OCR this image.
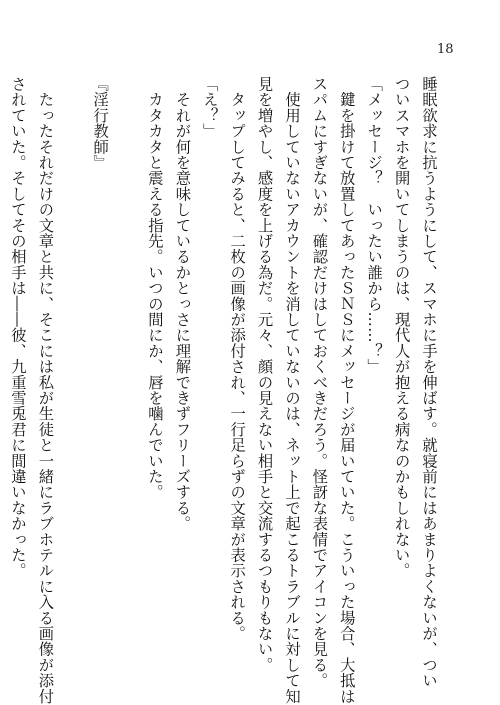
18

睡眠欲求に抗うようにして、スマホに手を伸ばす。就寝前にはあまりよくないが、つい

ついスマホを開いてしまうのは、現代人が抱える病なのかもしれない。

「メッセージ？　いったい誰から……？」

　鍵を掛けて放置してあったＳＮＳにメッセージが届いていた。こういった場合、大抵は

スパムにすぎないが、確認だけはしておくべきだろう。怪訝な表情でアイコンを見る。

　使用していないアカウントを消していないのは、ネット上で起こるトラブルに対して知

見を増やし、感度を上げる為だ。元々、顔の見えない相手と交流するつもりもない。

　タップしてみると、二枚の画像が添付され、一行足らずの文章が表示される。

「え？」

　それが何を意味しているかとっさに理解できずフリーズする。

　カタカタと震える指先。いつの間にか、唇を噛んでいた。

『淫行教師』

　たったそれだけの文章と共に、そこには私が生徒と一緒にラブホテルに入る画像が添付

されていた。そしてその相手は――彼、九重雪兎君に間違いなかった。
